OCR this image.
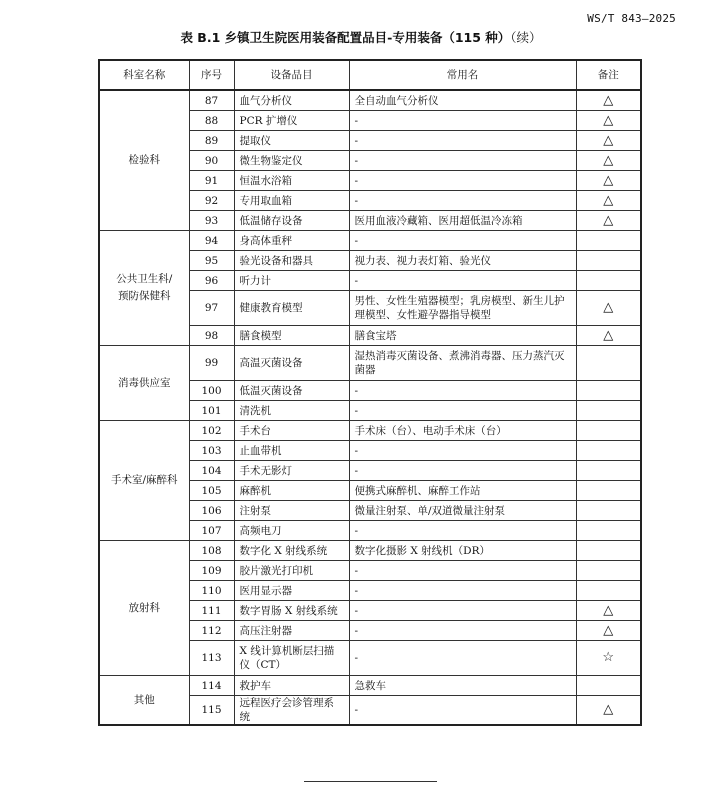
WS/T 843—2025
表 B.1 乡镇卫生院医用装备配置品目-专用装备（115 种）（续）
科室名称	序号	设备品目	常用名	备注

检验科	87	血气分析仪	全自动血气分析仪	△
	88	PCR 扩增仪	-	△
	89	提取仪	-	△
	90	微生物鉴定仪	-	△
	91	恒温水浴箱	-	△
	92	专用取血箱	-	△
	93	低温储存设备	医用血液冷藏箱、医用超低温冷冻箱	△

公共卫生科/
预防保健科	94	身高体重秤	-	
	95	验光设备和器具	视力表、视力表灯箱、验光仪	
	96	听力计	-	
	97	健康教育模型	男性、女性生殖器模型；乳房模型、新生儿护理模型、女性避孕器指导模型	△
	98	膳食模型	膳食宝塔	△

消毒供应室	99	高温灭菌设备	湿热消毒灭菌设备、煮沸消毒器、压力蒸汽灭菌器	
	100	低温灭菌设备	-	
	101	清洗机	-	

手术室/麻醉科	102	手术台	手术床（台）、电动手术床（台）	
	103	止血带机	-	
	104	手术无影灯	-	
	105	麻醉机	便携式麻醉机、麻醉工作站	
	106	注射泵	微量注射泵、单/双道微量注射泵	
	107	高频电刀	-	

放射科	108	数字化 X 射线系统	数字化摄影 X 射线机（DR）	
	109	胶片激光打印机	-	
	110	医用显示器	-	
	111	数字胃肠 X 射线系统	-	△
	112	高压注射器	-	△
	113	X 线计算机断层扫描仪（CT）	-	☆

其他	114	救护车	急救车	
	115	远程医疗会诊管理系统	-	△
